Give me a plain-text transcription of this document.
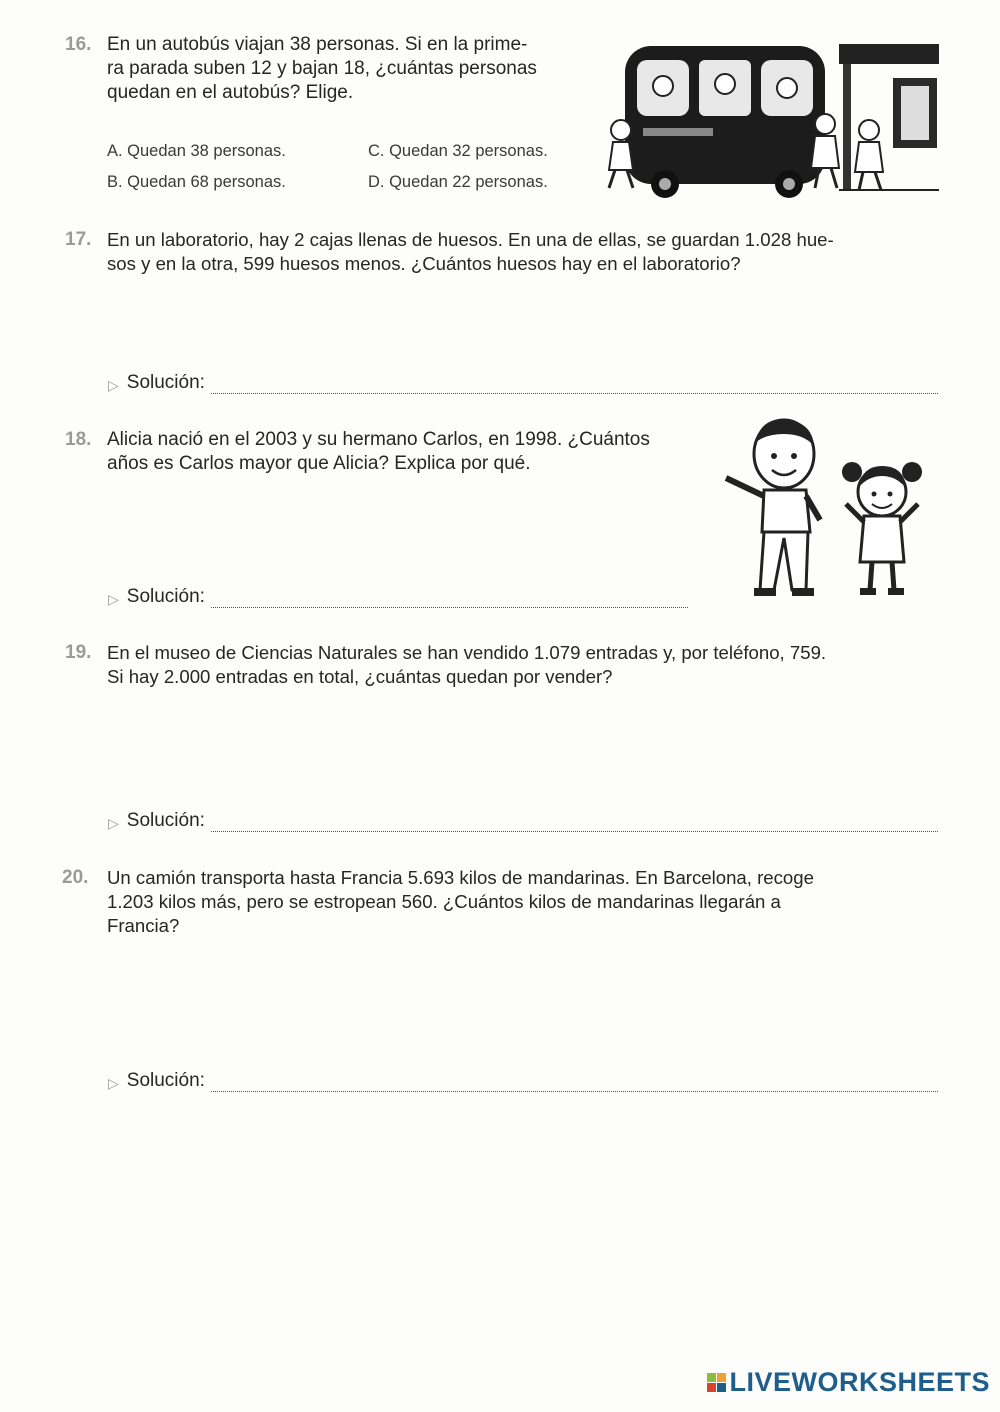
16. En un autobús viajan 38 personas. Si en la prime-
ra parada suben 12 y bajan 18, ¿cuántas personas
quedan en el autobús? Elige.
A. Quedan 38 personas.
B. Quedan 68 personas.
C. Quedan 32 personas.
D. Quedan 22 personas.
17. En un laboratorio, hay 2 cajas llenas de huesos. En una de ellas, se guardan 1.028 hue-
sos y en la otra, 599 huesos menos. ¿Cuántos huesos hay en el laboratorio?
▷ Solución:
18. Alicia nació en el 2003 y su hermano Carlos, en 1998. ¿Cuántos
años es Carlos mayor que Alicia? Explica por qué.
▷ Solución:
19. En el museo de Ciencias Naturales se han vendido 1.079 entradas y, por teléfono, 759.
Si hay 2.000 entradas en total, ¿cuántas quedan por vender?
▷ Solución:
20. Un camión transporta hasta Francia 5.693 kilos de mandarinas. En Barcelona, recoge
1.203 kilos más, pero se estropean 560. ¿Cuántos kilos de mandarinas llegarán a
Francia?
▷ Solución:
LIVEWORKSHEETS
